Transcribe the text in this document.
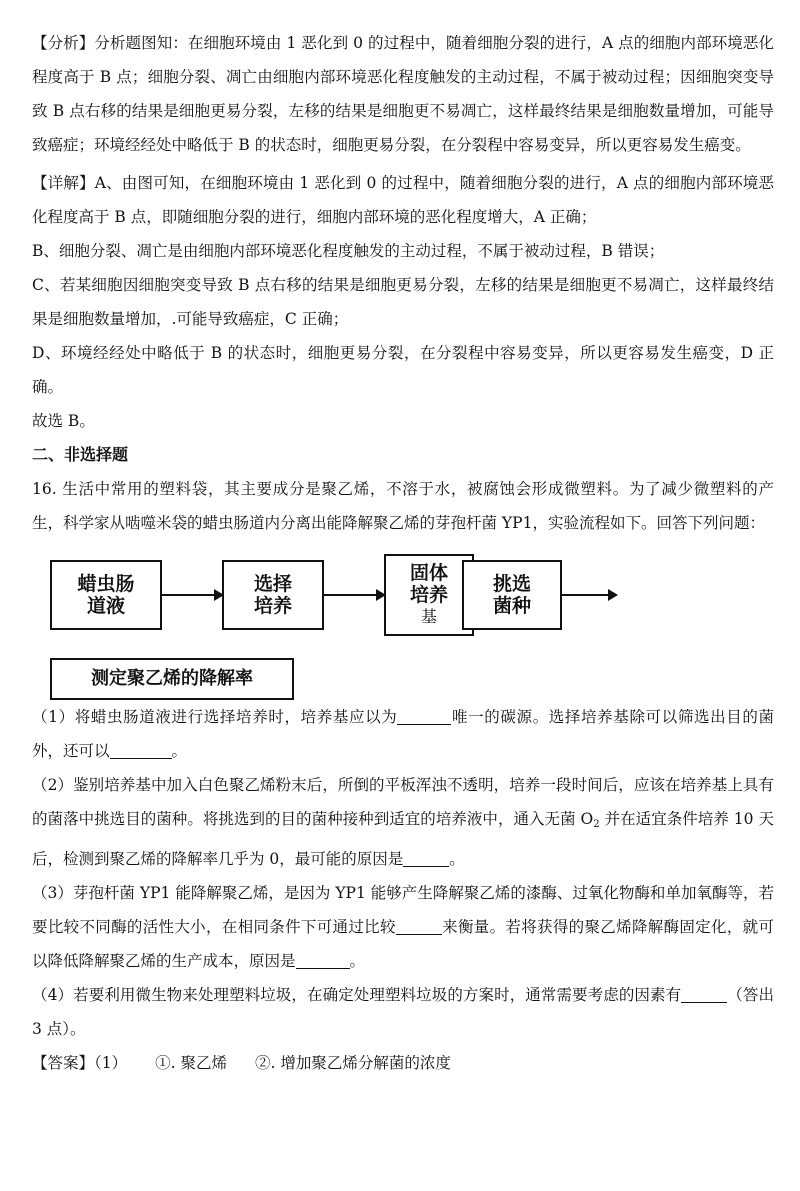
【分析】分析题图知：在细胞环境由 1 恶化到 0 的过程中，随着细胞分裂的进行，A 点的细胞内部环境恶化程度高于 B 点；细胞分裂、凋亡由细胞内部环境恶化程度触发的主动过程，不属于被动过程；因细胞突变导致 B 点右移的结果是细胞更易分裂，左移的结果是细胞更不易凋亡，这样最终结果是细胞数量增加，可能导致癌症；环境经经处中略低于 B 的状态时，细胞更易分裂，在分裂程中容易变异，所以更容易发生癌变。

【详解】A、由图可知，在细胞环境由 1 恶化到 0 的过程中，随着细胞分裂的进行，A 点的细胞内部环境恶化程度高于 B 点，即随细胞分裂的进行，细胞内部环境的恶化程度增大，A 正确；

B、细胞分裂、凋亡是由细胞内部环境恶化程度触发的主动过程，不属于被动过程，B 错误；

C、若某细胞因细胞突变导致 B 点右移的结果是细胞更易分裂，左移的结果是细胞更不易凋亡，这样最终结果是细胞数量增加，.可能导致癌症，C 正确；

D、环境经经处中略低于 B 的状态时，细胞更易分裂，在分裂程中容易变异，所以更容易发生癌变，D 正确。

故选 B。

二、非选择题

16. 生活中常用的塑料袋，其主要成分是聚乙烯，不溶于水，被腐蚀会形成微塑料。为了减少微塑料的产生，科学家从啮噬米袋的蜡虫肠道内分离出能降解聚乙烯的芽孢杆菌 YP1，实验流程如下。回答下列问题：

蜡虫肠
道液
选择
培养
固体
培养
基
挑选
菌种
测定聚乙烯的降解率

（1）将蜡虫肠道液进行选择培养时，培养基应以为	唯一的碳源。选择培养基除可以筛选出目的菌外，还可以	。

（2）鉴别培养基中加入白色聚乙烯粉末后，所倒的平板浑浊不透明，培养一段时间后，应该在培养基上具有的菌落中挑选目的菌种。将挑选到的目的菌种接种到适宜的培养液中，通入无菌 $O_2$ 并在适宜条件培养 10 天后，检测到聚乙烯的降解率几乎为 0，最可能的原因是	。

（3）芽孢杆菌 YP1 能降解聚乙烯，是因为 YP1 能够产生降解聚乙烯的漆酶、过氧化物酶和单加氧酶等，若要比较不同酶的活性大小，在相同条件下可通过比较	来衡量。若将获得的聚乙烯降解酶固定化，就可以降低降解聚乙烯的生产成本，原因是	。

（4）若要利用微生物来处理塑料垃圾，在确定处理塑料垃圾的方案时，通常需要考虑的因素有	（答出 3 点）。

【答案】（1） ①. 聚乙烯 ②. 增加聚乙烯分解菌的浓度
